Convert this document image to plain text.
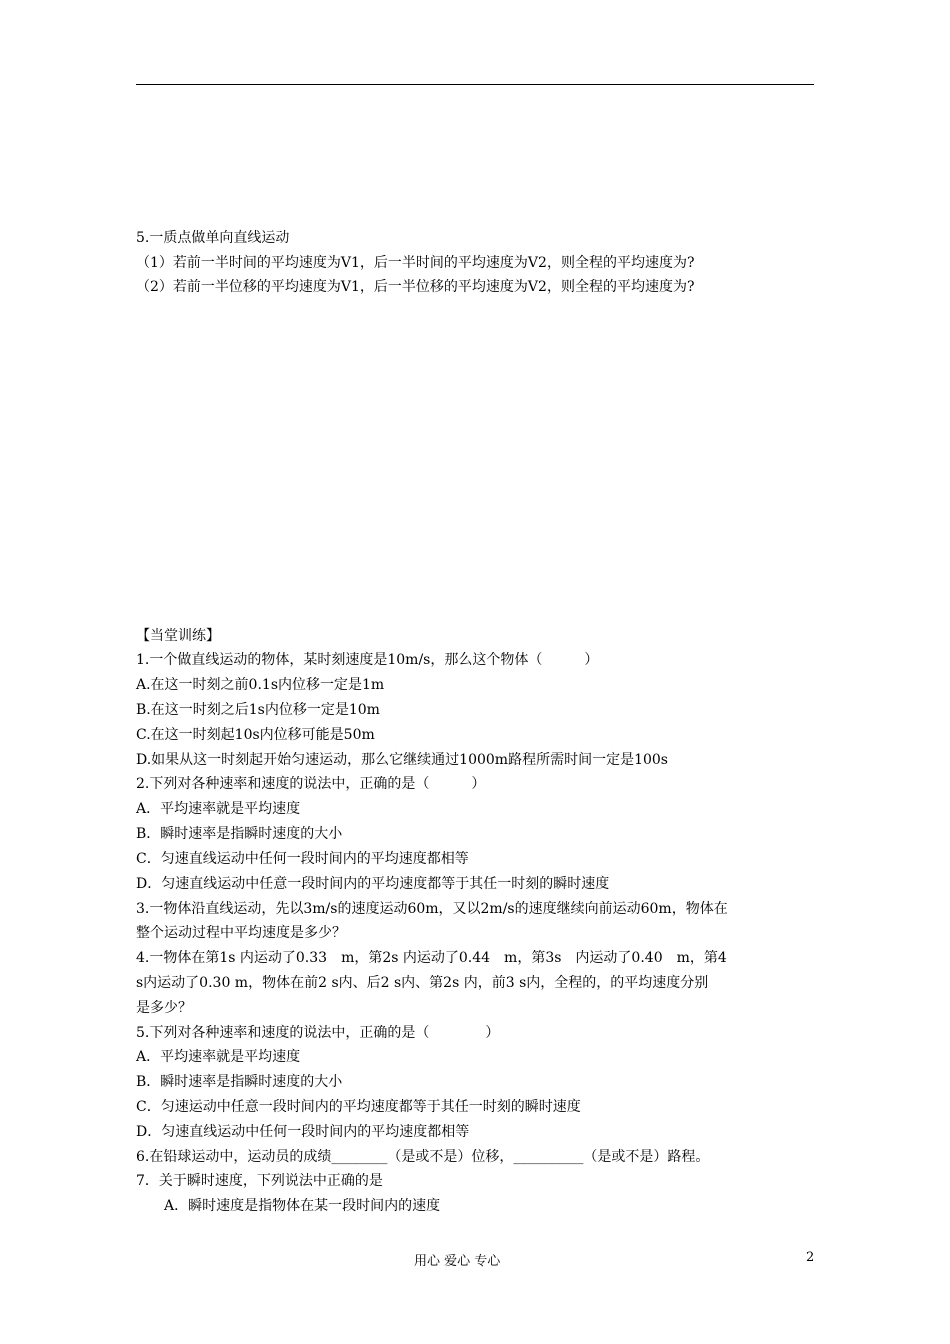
5.一质点做单向直线运动
（1）若前一半时间的平均速度为V1，后一半时间的平均速度为V2，则全程的平均速度为?
（2）若前一半位移的平均速度为V1，后一半位移的平均速度为V2，则全程的平均速度为?
【当堂训练】
1.一个做直线运动的物体，某时刻速度是10m/s，那么这个物体（　　　）
A.在这一时刻之前0.1s内位移一定是1m
B.在这一时刻之后1s内位移一定是10m
C.在这一时刻起10s内位移可能是50m
D.如果从这一时刻起开始匀速运动，那么它继续通过1000m路程所需时间一定是100s
2.下列对各种速率和速度的说法中，正确的是（　　　）
A．平均速率就是平均速度
B．瞬时速率是指瞬时速度的大小
C．匀速直线运动中任何一段时间内的平均速度都相等
D．匀速直线运动中任意一段时间内的平均速度都等于其任一时刻的瞬时速度
3.一物体沿直线运动，先以3m/s的速度运动60m，又以2m/s的速度继续向前运动60m，物体在
整个运动过程中平均速度是多少？
4.一物体在第1s 内运动了0.33　m，第2s 内运动了0.44　m，第3s　内运动了0.40　m，第4
s内运动了0.30 m，物体在前2 s内、后2 s内、第2s 内，前3 s内，全程的，的平均速度分别
是多少？
5.下列对各种速率和速度的说法中，正确的是（　　　　）
A．平均速率就是平均速度
B．瞬时速率是指瞬时速度的大小
C．匀速运动中任意一段时间内的平均速度都等于其任一时刻的瞬时速度
D．匀速直线运动中任何一段时间内的平均速度都相等
6.在铅球运动中，运动员的成绩________（是或不是）位移，__________（是或不是）路程。
7．关于瞬时速度，下列说法中正确的是
　　A．瞬时速度是指物体在某一段时间内的速度
用心 爱心 专心	2
